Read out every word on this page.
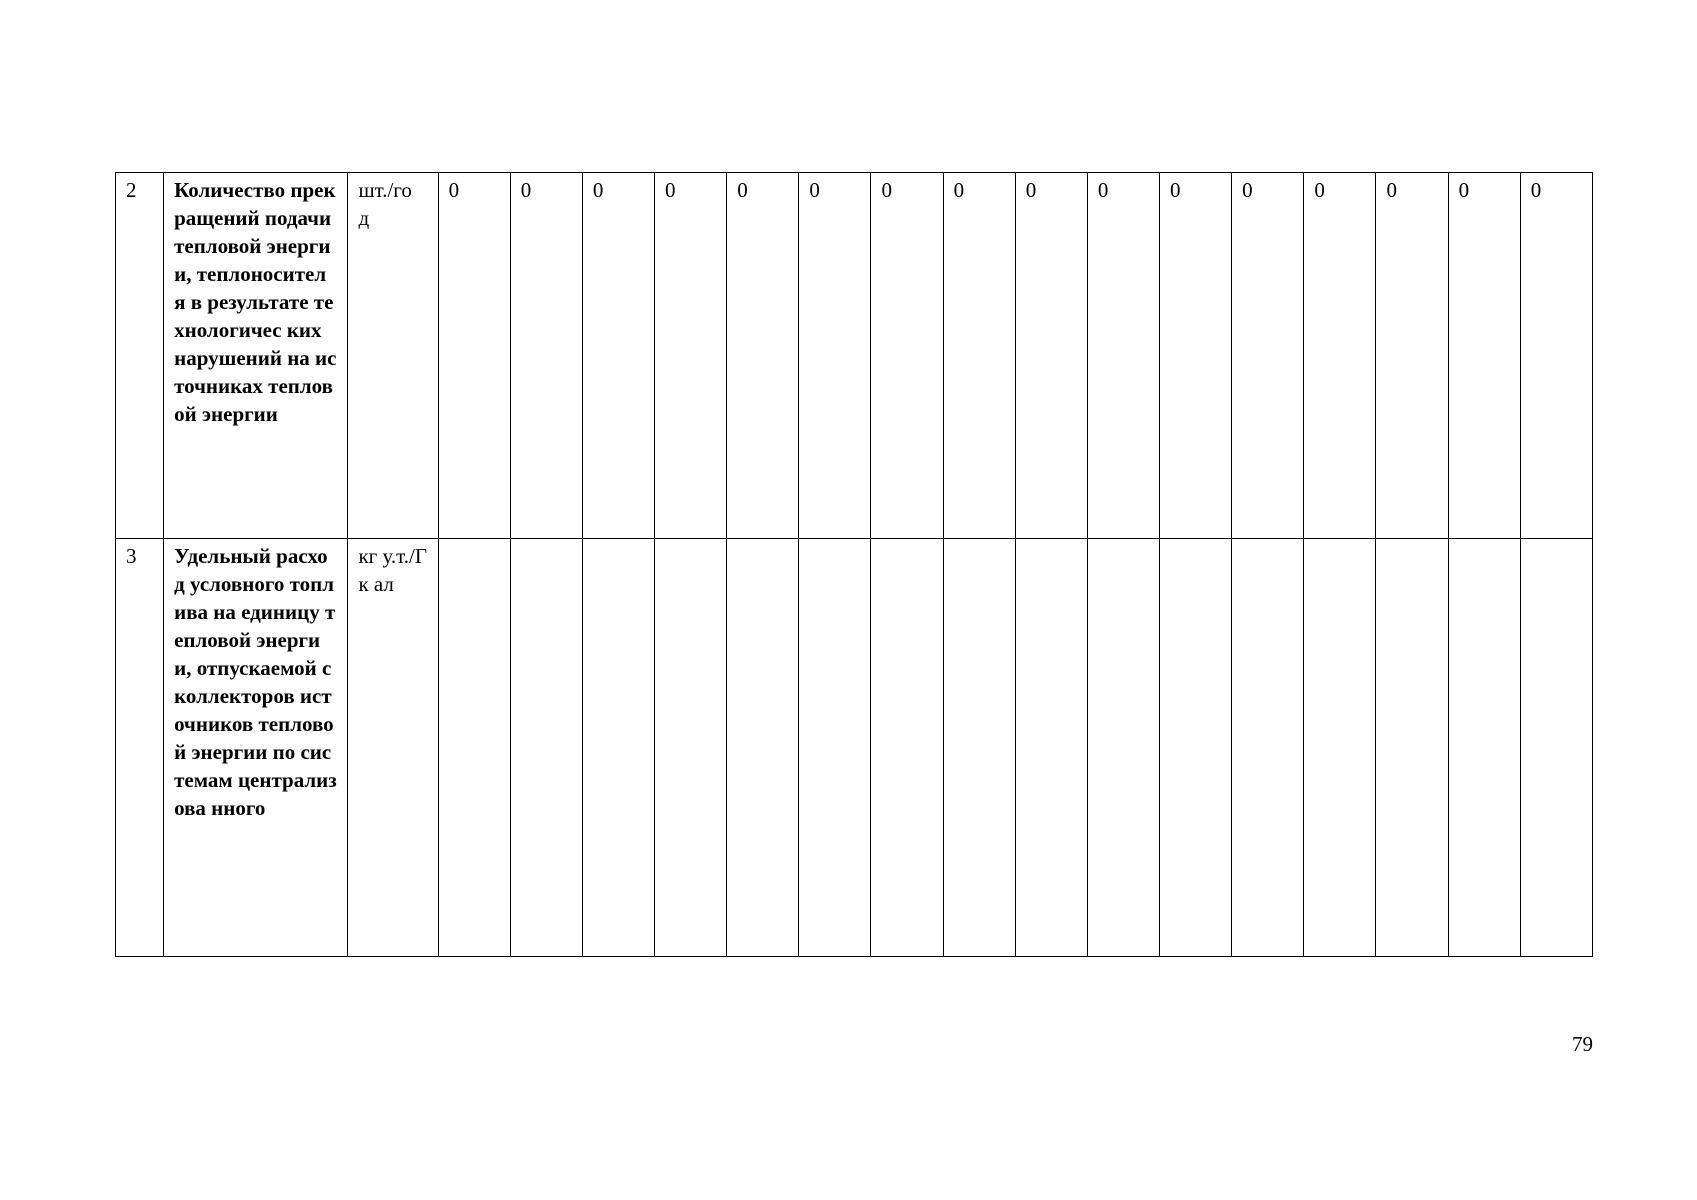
2	Количество прекращений подачи тепловой энергии, теплоносител я в результате технологичес ких нарушений на источниках тепловой энергии	шт./го д	0	0	0	0	0	0	0	0	0	0	0	0	0	0	0	0
3	Удельный расход условного топлива на единицу тепловой энергии, отпускаемой с коллекторов источников тепловой энергии по системам централизова нного	кг у.т./Гк ал																
79
